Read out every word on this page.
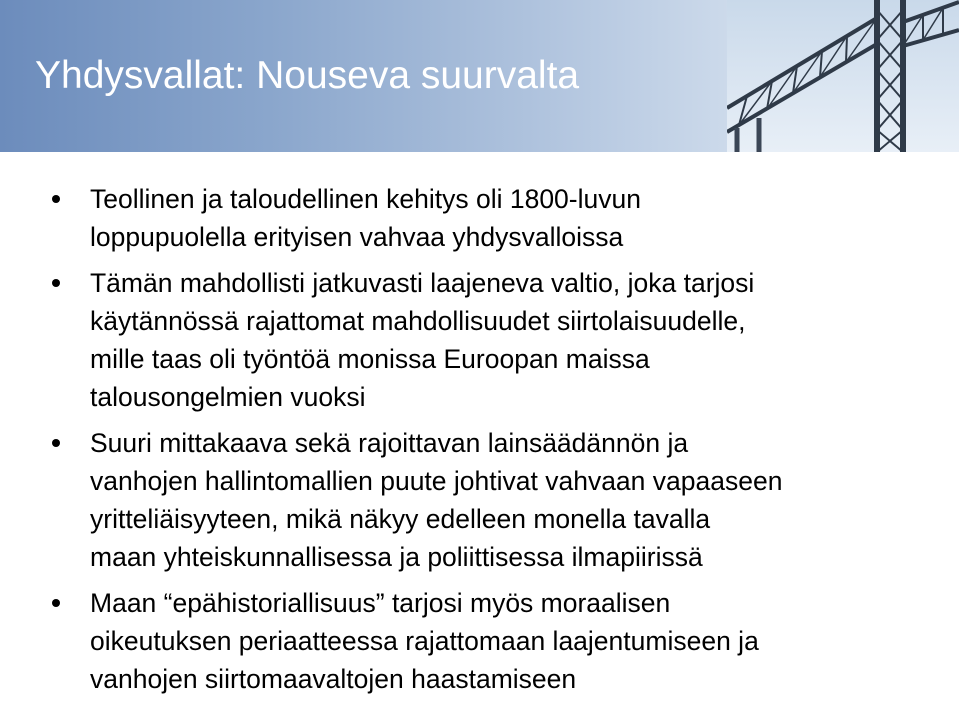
Yhdysvallat: Nouseva suurvalta
Teollinen ja taloudellinen kehitys oli 1800-luvun
loppupuolella erityisen vahvaa yhdysvalloissa
Tämän mahdollisti jatkuvasti laajeneva valtio, joka tarjosi
käytännössä rajattomat mahdollisuudet siirtolaisuudelle,
mille taas oli työntöä monissa Euroopan maissa
talousongelmien vuoksi
Suuri mittakaava sekä rajoittavan lainsäädännön ja
vanhojen hallintomallien puute johtivat vahvaan vapaaseen
yritteliäisyyteen, mikä näkyy edelleen monella tavalla
maan yhteiskunnallisessa ja poliittisessa ilmapiirissä
Maan “epähistoriallisuus” tarjosi myös moraalisen
oikeutuksen periaatteessa rajattomaan laajentumiseen ja
vanhojen siirtomaavaltojen haastamiseen
